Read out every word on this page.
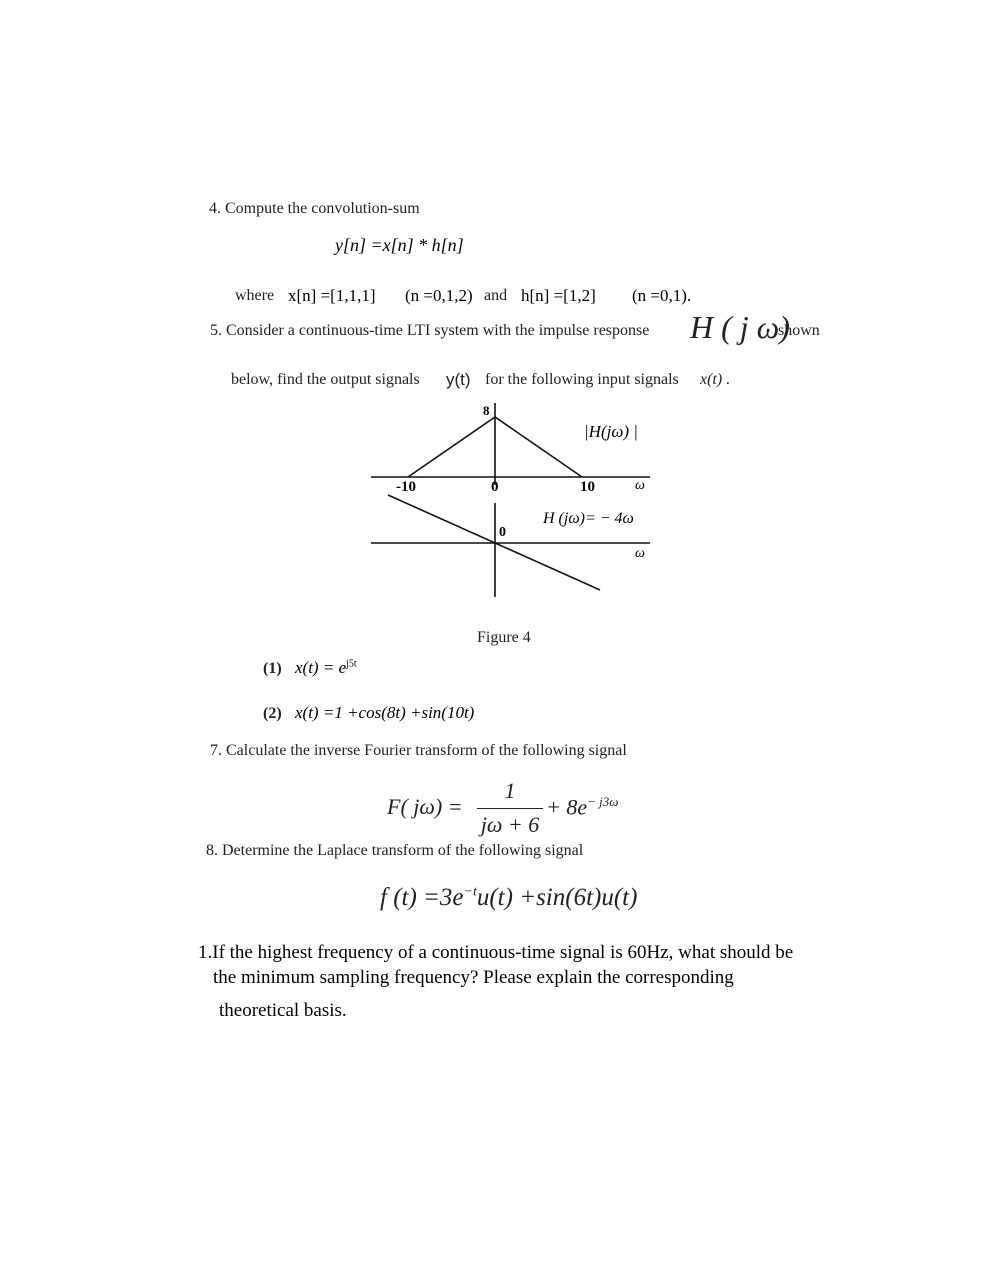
4. Compute the convolution-sum
y[n] =x[n] * h[n]
where x[n] =[1,1,1] (n =0,1,2) and h[n] =[1,2] (n =0,1).
5. Consider a continuous-time LTI system with the impulse response H ( j ω)
shown
below, find the output signals y(t) for the following input signals x(t) .
8
-10	0	10	ω
|H(jω) |
H (jω)= − 4ω
0
ω
Figure 4
(1) $x(t) = e^{j5t}$
(2) x(t) =1 +cos(8t) +sin(10t)
7. Calculate the inverse Fourier transform of the following signal
F( jω) =
1
jω + 6
+ $8e^{- j3\omega}$
8. Determine the Laplace transform of the following signal
f $(t) =3e^{-t}u(t) +\sin(6t)u(t)$
1.If the highest frequency of a continuous-time signal is 60Hz, what should be
the minimum sampling frequency? Please explain the corresponding
theoretical basis.
